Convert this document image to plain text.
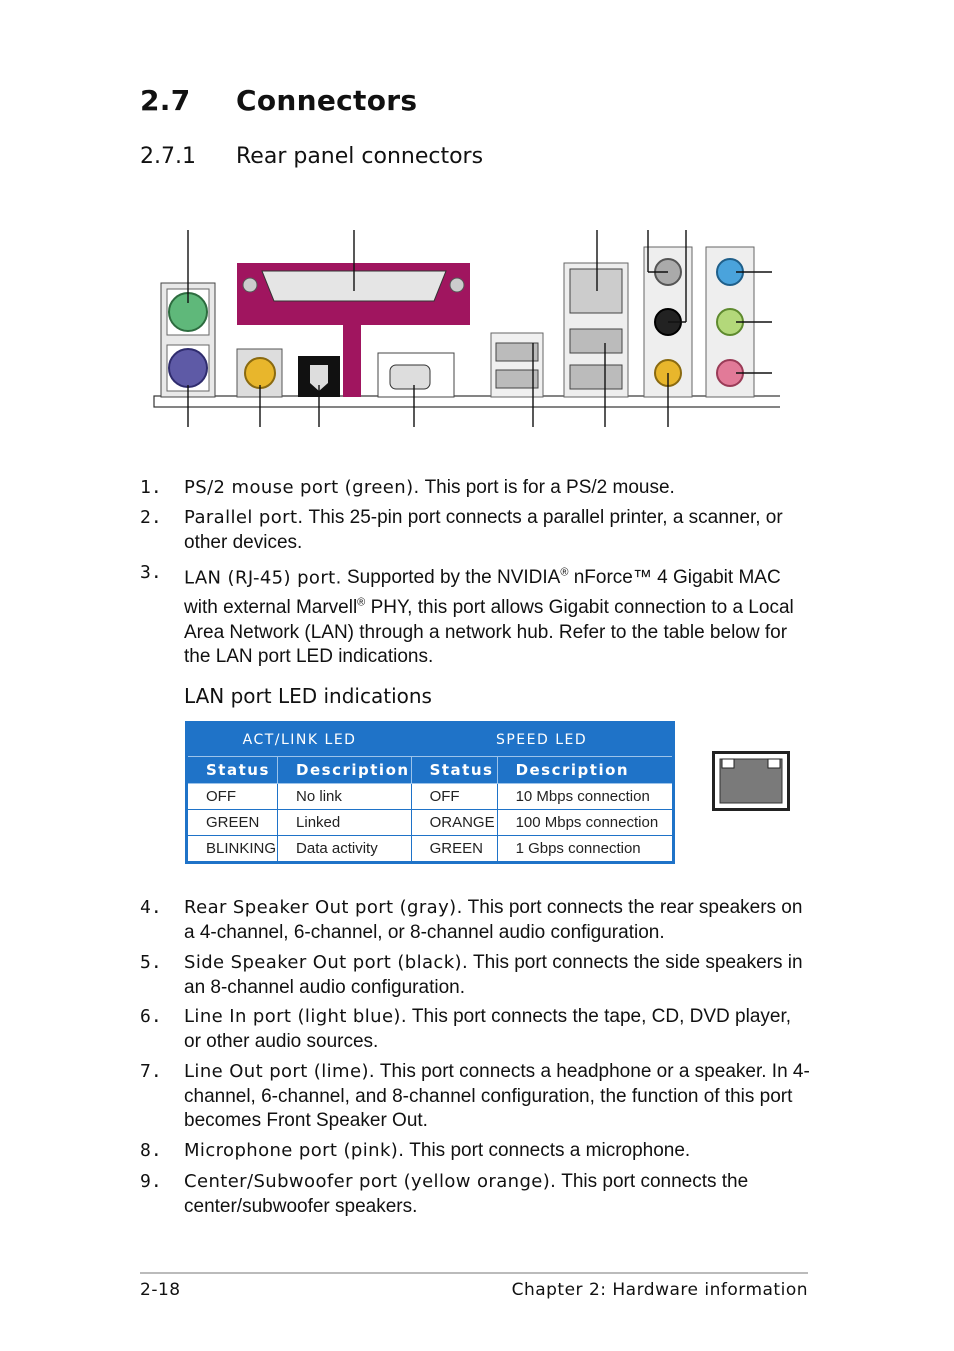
2.7 Connectors
2.7.1 Rear panel connectors
1. PS/2 mouse port (green). This port is for a PS/2 mouse.
2. Parallel port. This 25-pin port connects a parallel printer, a scanner, or other devices.
3. LAN (RJ-45) port. Supported by the NVIDIA® nForce™ 4 Gigabit MAC with external Marvell® PHY, this port allows Gigabit connection to a Local Area Network (LAN) through a network hub. Refer to the table below for the LAN port LED indications.
LAN port LED indications
ACT/LINK LED		SPEED LED	
Status	Description	Status	Description
OFF	No link	OFF	10 Mbps connection
GREEN	Linked	ORANGE	100 Mbps connection
BLINKING	Data activity	GREEN	1 Gbps connection
4. Rear Speaker Out port (gray). This port connects the rear speakers on a 4-channel, 6-channel, or 8-channel audio configuration.
5. Side Speaker Out port (black). This port connects the side speakers in an 8-channel audio configuration.
6. Line In port (light blue). This port connects the tape, CD, DVD player, or other audio sources.
7. Line Out port (lime). This port connects a headphone or a speaker. In 4-channel, 6-channel, and 8-channel configuration, the function of this port becomes Front Speaker Out.
8. Microphone port (pink). This port connects a microphone.
9. Center/Subwoofer port (yellow orange). This port connects the center/subwoofer speakers.
2-18	Chapter 2: Hardware information
